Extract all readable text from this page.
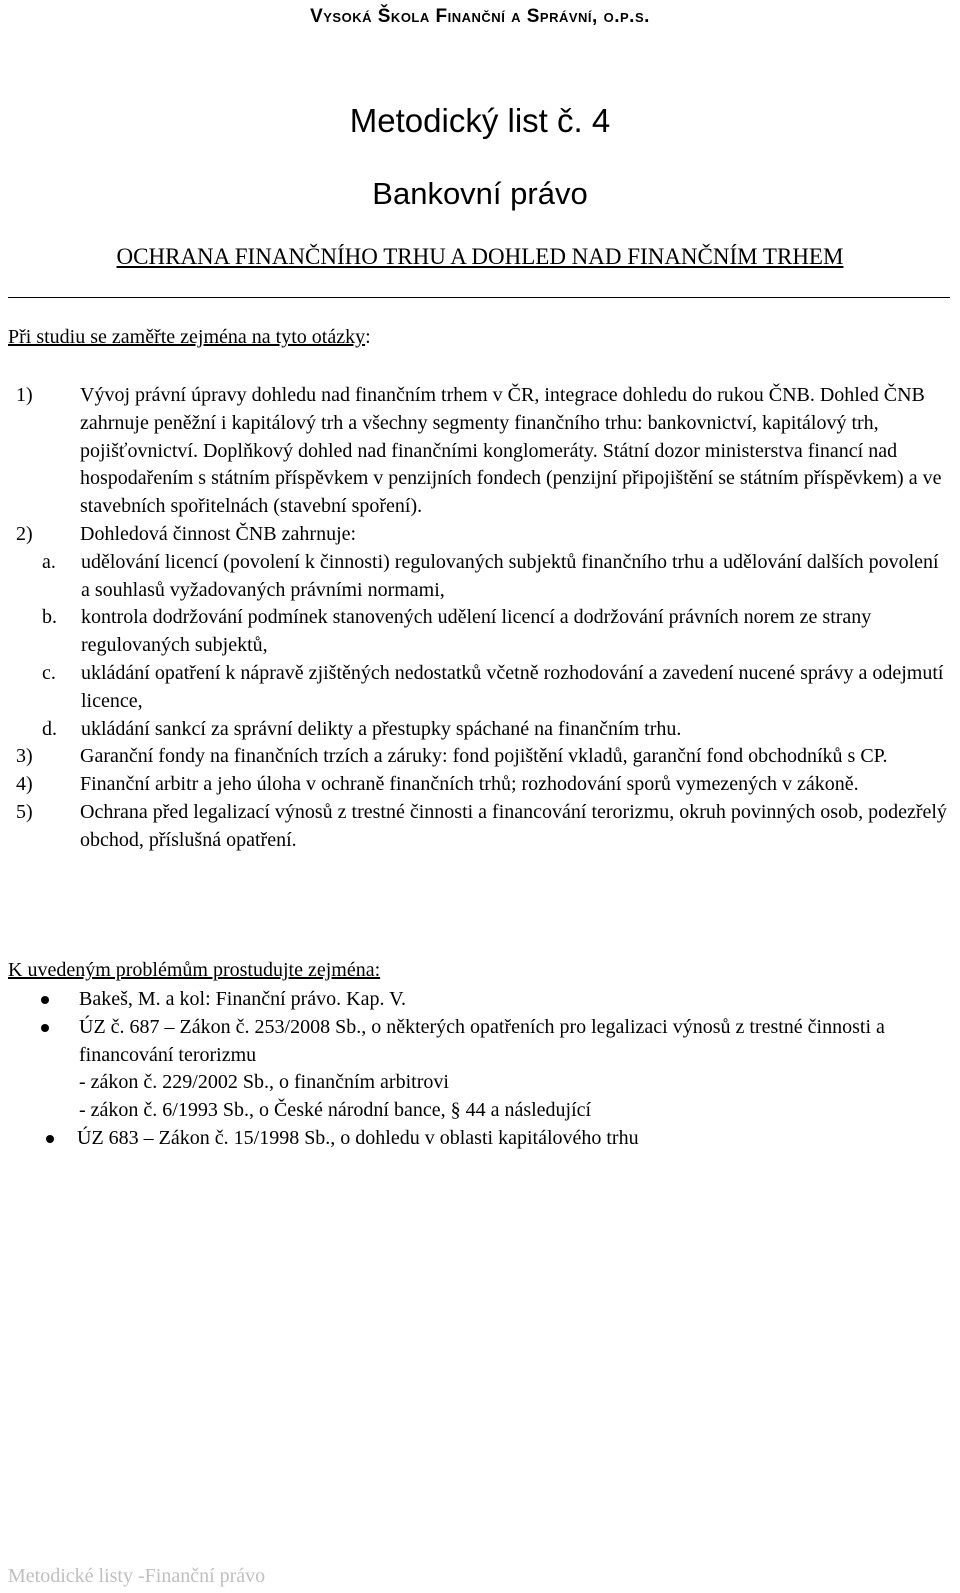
Vysoká Škola Finanční a Správní, o.p.s.
Metodický list č. 4
Bankovní právo
OCHRANA FINANČNÍHO TRHU A DOHLED NAD FINANČNÍM TRHEM
Při studiu se zaměřte zejména na tyto otázky:
1) Vývoj právní úpravy dohledu nad finančním trhem v ČR, integrace dohledu do rukou ČNB. Dohled ČNB zahrnuje peněžní i kapitálový trh a všechny segmenty finančního trhu: bankovnictví, kapitálový trh, pojišťovnictví. Doplňkový dohled nad finančními konglomeráty. Státní dozor ministerstva financí nad hospodařením s státním příspěvkem v penzijních fondech (penzijní připojištění se státním příspěvkem) a ve stavebních spořitelnách (stavební spoření).
2) Dohledová činnost ČNB zahrnuje:
a. udělování licencí (povolení k činnosti) regulovaných subjektů finančního trhu a udělování dalších povolení a souhlasů vyžadovaných právními normami,
b. kontrola dodržování podmínek stanovených udělení licencí a dodržování právních norem ze strany regulovaných subjektů,
c. ukládání opatření k nápravě zjištěných nedostatků včetně rozhodování a zavedení nucené správy a odejmutí licence,
d. ukládání sankcí za správní delikty a přestupky spáchané na finančním trhu.
3) Garanční fondy na finančních trzích a záruky: fond pojištění vkladů, garanční fond obchodníků s CP.
4) Finanční arbitr a jeho úloha v ochraně finančních trhů; rozhodování sporů vymezených v zákoně.
5) Ochrana před legalizací výnosů z trestné činnosti a financování terorizmu, okruh povinných osob, podezřelý obchod, příslušná opatření.
K uvedeným problémům prostudujte zejména:
Bakeš, M. a kol: Finanční právo. Kap. V.
ÚZ č. 687 – Zákon č. 253/2008 Sb., o některých opatřeních pro legalizaci výnosů z trestné činnosti a financování terorizmu
- zákon č. 229/2002 Sb., o finančním arbitrovi
- zákon č. 6/1993 Sb., o České národní bance, § 44 a následující
ÚZ 683 – Zákon č. 15/1998 Sb., o dohledu v oblasti kapitálového trhu
Metodické listy -Finanční právo
